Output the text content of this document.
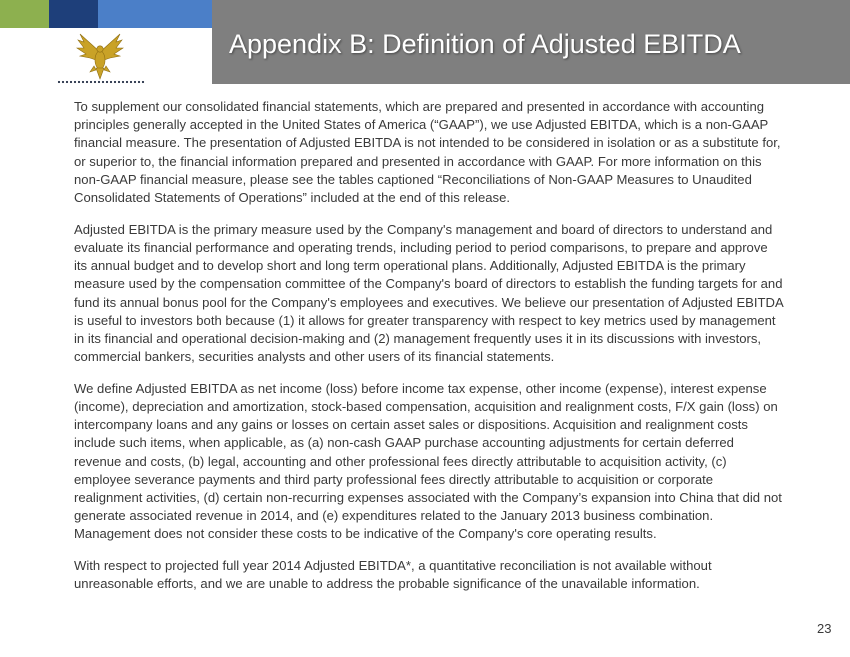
Appendix B: Definition of Adjusted EBITDA

To supplement our consolidated financial statements, which are prepared and presented in accordance with accounting principles generally accepted in the United States of America (“GAAP”), we use Adjusted EBITDA, which is a non-GAAP financial measure. The presentation of Adjusted EBITDA is not intended to be considered in isolation or as a substitute for, or superior to, the financial information prepared and presented in accordance with GAAP. For more information on this non-GAAP financial measure, please see the tables captioned “Reconciliations of Non-GAAP Measures to Unaudited Consolidated Statements of Operations” included at the end of this release.

Adjusted EBITDA is the primary measure used by the Company's management and board of directors to understand and evaluate its financial performance and operating trends, including period to period comparisons, to prepare and approve its annual budget and to develop short and long term operational plans. Additionally, Adjusted EBITDA is the primary measure used by the compensation committee of the Company's board of directors to establish the funding targets for and fund its annual bonus pool for the Company's employees and executives. We believe our presentation of Adjusted EBITDA is useful to investors both because (1) it allows for greater transparency with respect to key metrics used by management in its financial and operational decision-making and (2) management frequently uses it in its discussions with investors, commercial bankers, securities analysts and other users of its financial statements.

We define Adjusted EBITDA as net income (loss) before income tax expense, other income (expense), interest expense (income), depreciation and amortization, stock-based compensation, acquisition and realignment costs, F/X gain (loss) on intercompany loans and any gains or losses on certain asset sales or dispositions. Acquisition and realignment costs include such items, when applicable, as (a) non-cash GAAP purchase accounting adjustments for certain deferred revenue and costs, (b) legal, accounting and other professional fees directly attributable to acquisition activity, (c) employee severance payments and third party professional fees directly attributable to acquisition or corporate realignment activities, (d) certain non-recurring expenses associated with the Company’s expansion into China that did not generate associated revenue in 2014, and (e) expenditures related to the January 2013 business combination. Management does not consider these costs to be indicative of the Company's core operating results.

With respect to projected full year 2014 Adjusted EBITDA*, a quantitative reconciliation is not available without unreasonable efforts, and we are unable to address the probable significance of the unavailable information.

23
